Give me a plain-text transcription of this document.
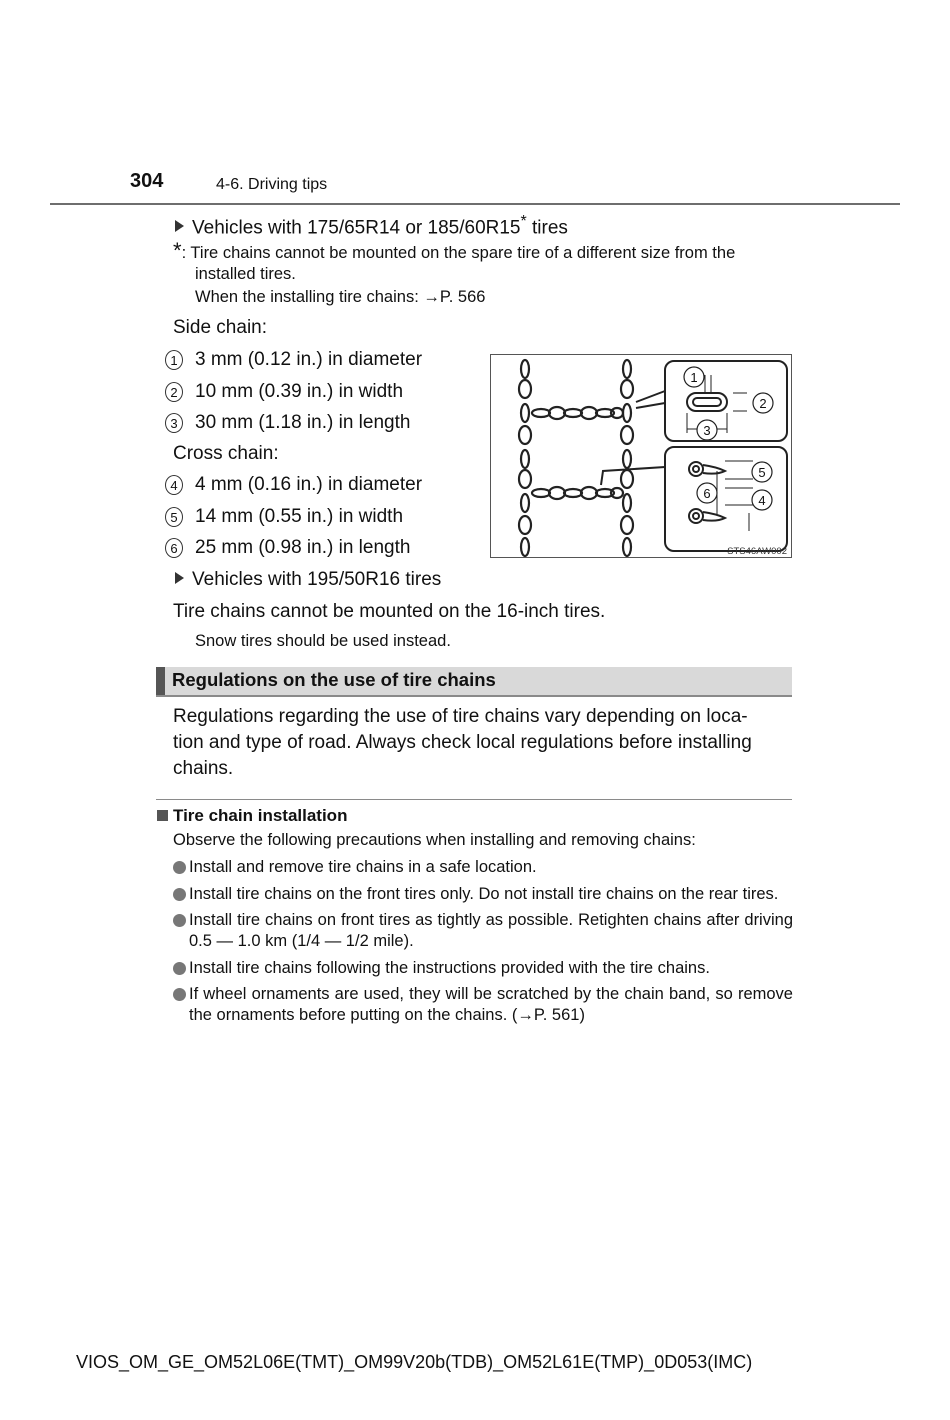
304	4-6. Driving tips
Vehicles with 175/65R14 or 185/60R15* tires
*: Tire chains cannot be mounted on the spare tire of a different size from the
installed tires.
When the installing tire chains: →P. 566
Side chain:
1 3 mm (0.12 in.) in diameter
2 10 mm (0.39 in.) in width
3 30 mm (1.18 in.) in length
Cross chain:
4 4 mm (0.16 in.) in diameter
5 14 mm (0.55 in.) in width
6 25 mm (0.98 in.) in length
1
2
3
5
6	4
STS46AW002
Vehicles with 195/50R16 tires
Tire chains cannot be mounted on the 16-inch tires.
Snow tires should be used instead.
Regulations on the use of tire chains
Regulations regarding the use of tire chains vary depending on loca-
tion and type of road. Always check local regulations before installing
chains.
Tire chain installation
Observe the following precautions when installing and removing chains:
Install and remove tire chains in a safe location.
Install tire chains on the front tires only. Do not install tire chains on the rear tires.
Install tire chains on front tires as tightly as possible. Retighten chains after driving 0.5 — 1.0 km (1/4 — 1/2 mile).
Install tire chains following the instructions provided with the tire chains.
If wheel ornaments are used, they will be scratched by the chain band, so remove the ornaments before putting on the chains. (→P. 561)
VIOS_OM_GE_OM52L06E(TMT)_OM99V20b(TDB)_OM52L61E(TMP)_0D053(IMC)
